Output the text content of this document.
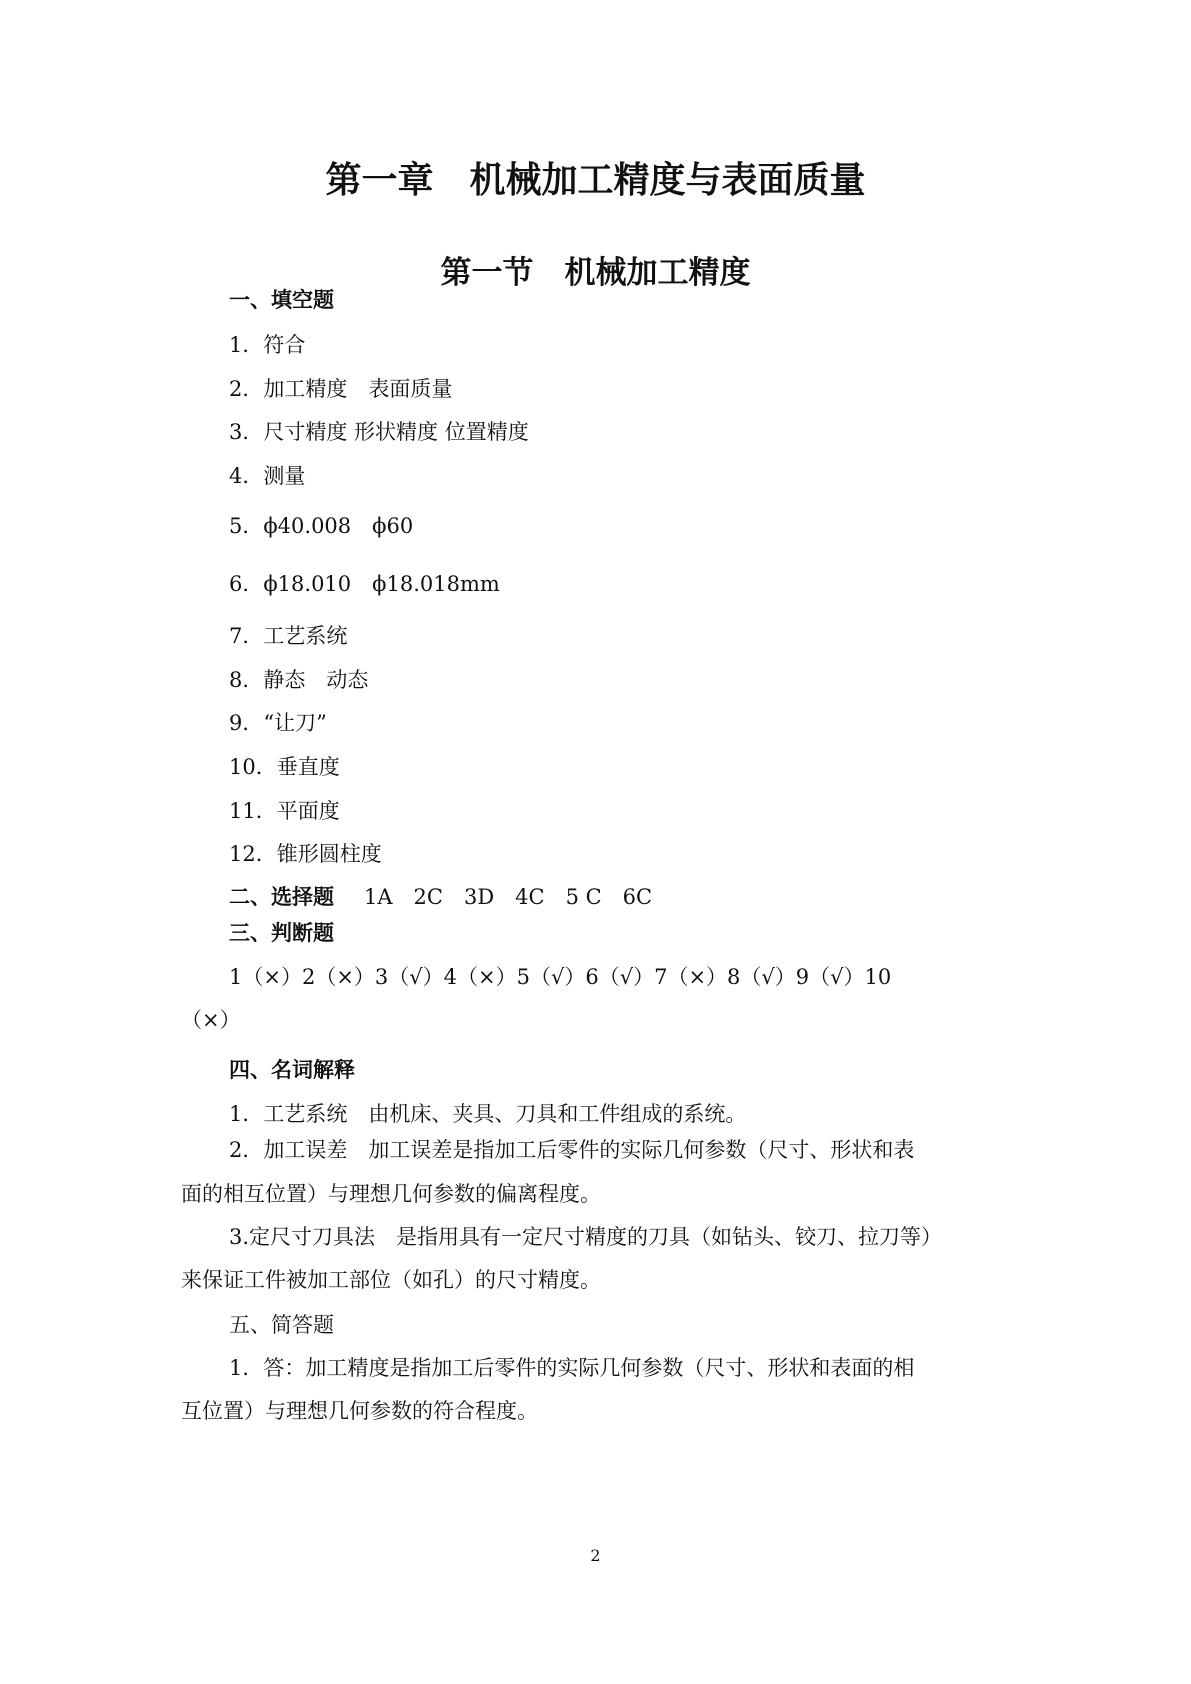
第一章　机械加工精度与表面质量
第一节　机械加工精度
一、填空题
1．符合
2．加工精度　表面质量
3．尺寸精度 形状精度 位置精度
4．测量
5．ϕ40.008　ϕ60
6．ϕ18.010　ϕ18.018mm
7．工艺系统
8．静态　动态
9．“让刀”
10．垂直度
11．平面度
12．锥形圆柱度
二、选择题 1A　2C　3D　4C　5 C　6C
三、判断题
1（×）2（×）3（√）4（×）5（√）6（√）7（×）8（√）9（√）10
（×）
四、名词解释
1．工艺系统　由机床、夹具、刀具和工件组成的系统。
2．加工误差　加工误差是指加工后零件的实际几何参数（尺寸、形状和表
面的相互位置）与理想几何参数的偏离程度。
3.定尺寸刀具法　是指用具有一定尺寸精度的刀具（如钻头、铰刀、拉刀等）
来保证工件被加工部位（如孔）的尺寸精度。
五、简答题
1．答：加工精度是指加工后零件的实际几何参数（尺寸、形状和表面的相
互位置）与理想几何参数的符合程度。
2
